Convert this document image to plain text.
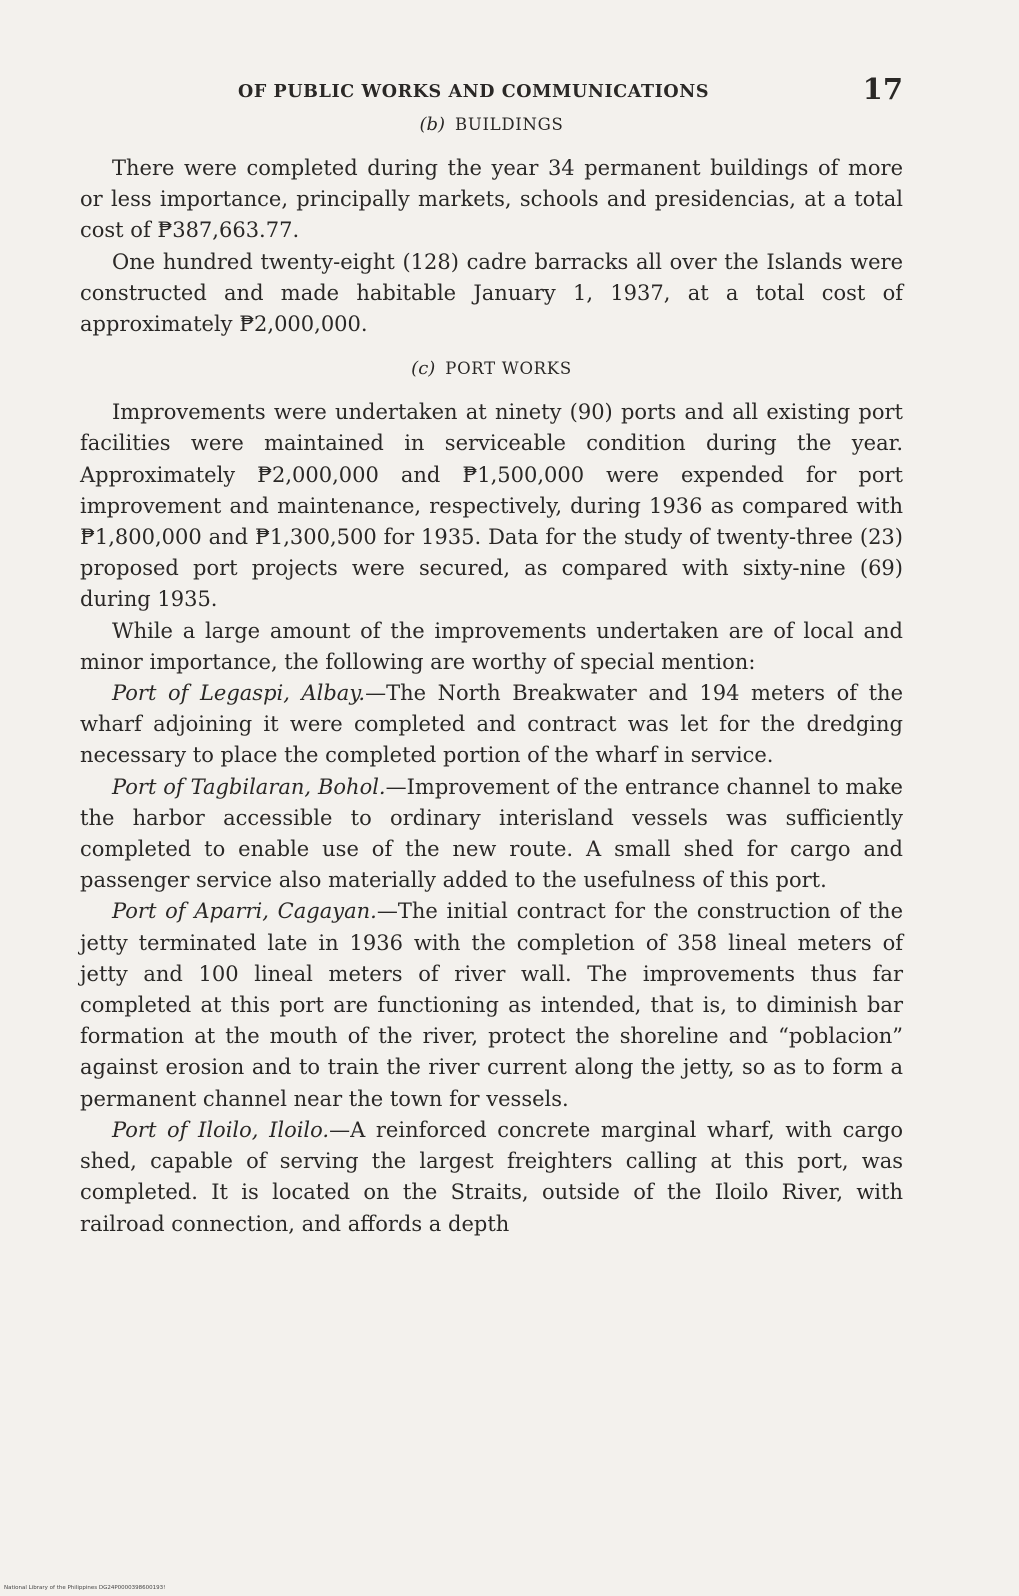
OF PUBLIC WORKS AND COMMUNICATIONS	17
(b) BUILDINGS

There were completed during the year 34 permanent buildings of more or less importance, principally markets, schools and presidencias, at a total cost of ₱387,663.77.

One hundred twenty-eight (128) cadre barracks all over the Islands were constructed and made habitable January 1, 1937, at a total cost of approximately ₱2,000,000.

(c) PORT WORKS

Improvements were undertaken at ninety (90) ports and all existing port facilities were maintained in serviceable condition during the year. Approximately ₱2,000,000 and ₱1,500,000 were expended for port improvement and maintenance, respectively, during 1936 as compared with ₱1,800,000 and ₱1,300,500 for 1935. Data for the study of twenty-three (23) proposed port projects were secured, as compared with sixty-nine (69) during 1935.

While a large amount of the improvements undertaken are of local and minor importance, the following are worthy of special mention:

Port of Legaspi, Albay.—The North Breakwater and 194 meters of the wharf adjoining it were completed and contract was let for the dredging necessary to place the completed portion of the wharf in service.

Port of Tagbilaran, Bohol.—Improvement of the entrance channel to make the harbor accessible to ordinary interisland vessels was sufficiently completed to enable use of the new route. A small shed for cargo and passenger service also materially added to the usefulness of this port.

Port of Aparri, Cagayan.—The initial contract for the construction of the jetty terminated late in 1936 with the completion of 358 lineal meters of jetty and 100 lineal meters of river wall. The improvements thus far completed at this port are functioning as intended, that is, to diminish bar formation at the mouth of the river, protect the shoreline and “poblacion” against erosion and to train the river current along the jetty, so as to form a permanent channel near the town for vessels.

Port of Iloilo, Iloilo.—A reinforced concrete marginal wharf, with cargo shed, capable of serving the largest freighters calling at this port, was completed. It is located on the Straits, outside of the Iloilo River, with railroad connection, and affords a depth

National Library of the Philippines DG24P0000398600193!
